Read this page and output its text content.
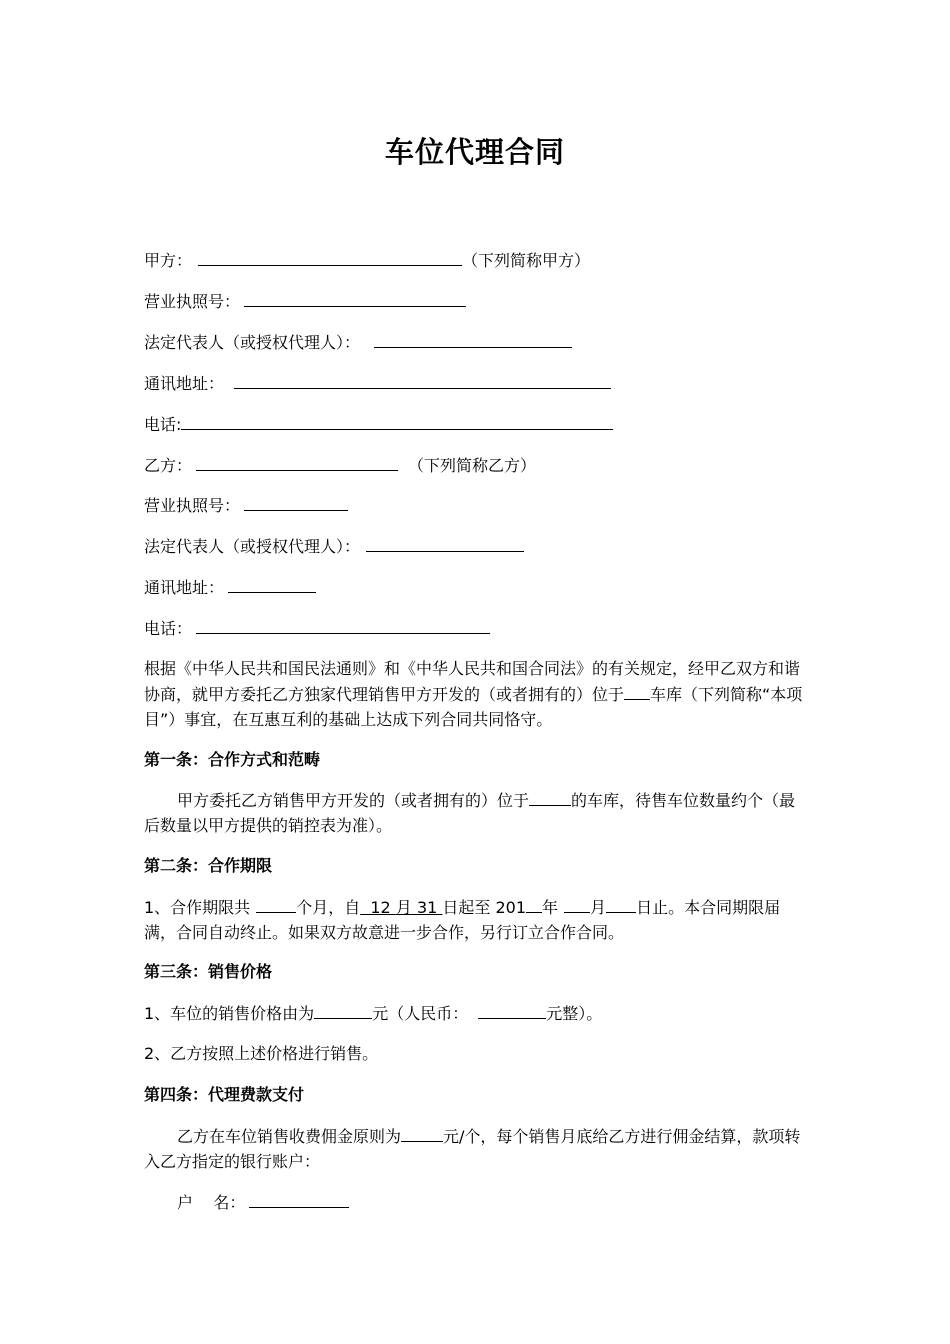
车位代理合同
甲方：	（下列简称甲方）
营业执照号：
法定代表人（或授权代理人）：
通讯地址：
电话:
乙方：	（下列简称乙方）
营业执照号：
法定代表人（或授权代理人）：
通讯地址：
电话：
根据《中华人民共和国民法通则》和《中华人民共和国合同法》的有关规定，经甲乙双方和谐协商，就甲方委托乙方独家代理销售甲方开发的（或者拥有的）位于 车库（下列简称“本项目”）事宜，在互惠互利的基础上达成下列合同共同恪守。
第一条：合作方式和范畴
甲方委托乙方销售甲方开发的（或者拥有的）位于	的车库，待售车位数量约个（最后数量以甲方提供的销控表为准）。
第二条：合作期限
1、合作期限共	个月，自 12 月 31 日起至 201 年 月 日止。本合同期限届满，合同自动终止。如果双方故意进一步合作，另行订立合作合同。
第三条：销售价格
1、车位的销售价格由为	元（人民币：	元整）。
2、乙方按照上述价格进行销售。
第四条：代理费款支付
乙方在车位销售收费佣金原则为	元/个，每个销售月底给乙方进行佣金结算，款项转入乙方指定的银行账户：
户    名：
